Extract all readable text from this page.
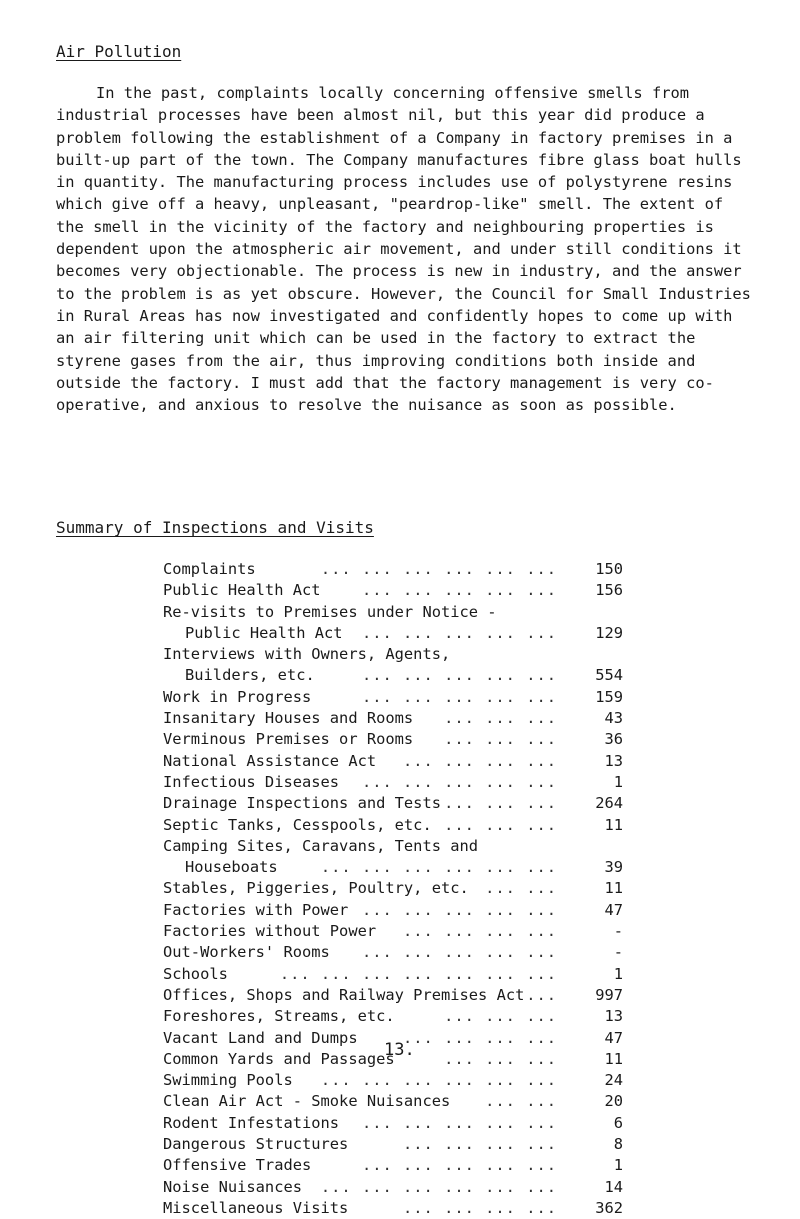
Air Pollution

In the past, complaints locally concerning offensive smells from industrial processes have been almost nil, but this year did produce a problem following the establishment of a Company in factory premises in a built-up part of the town. The Company manufactures fibre glass boat hulls in quantity. The manufacturing process includes use of polystyrene resins which give off a heavy, unpleasant, "peardrop-like" smell. The extent of the smell in the vicinity of the factory and neighbouring properties is dependent upon the atmospheric air movement, and under still conditions it becomes very objectionable. The process is new in industry, and the answer to the problem is as yet obscure. However, the Council for Small Industries in Rural Areas has now investigated and confidently hopes to come up with an air filtering unit which can be used in the factory to extract the styrene gases from the air, thus improving conditions both inside and outside the factory. I must add that the factory management is very co-operative, and anxious to resolve the nuisance as soon as possible.

Summary of Inspections and Visits
Complaints	... ... ... ... ... ...	150
Public Health Act	... ... ... ... ...	156
Re-visits to Premises under Notice -
Public Health Act ... ... ... ... ...	129
Interviews with Owners, Agents,
Builders, etc.	... ... ... ... ...	554
Work in Progress	... ... ... ... ...	159
Insanitary Houses and Rooms ... ... ...	43
Verminous Premises or Rooms ... ... ...	36
National Assistance Act ... ... ... ...	13
Infectious Diseases ... ... ... ... ...	1
Drainage Inspections and Tests ... ... ...	264
Septic Tanks, Cesspools, etc. ... ... ...	11
Camping Sites, Caravans, Tents and
Houseboats	... ... ... ... ... ...	39
Stables, Piggeries, Poultry, etc. ... ...	11
Factories with Power ... ... ... ... ...	47
Factories without Power ... ... ... ...	-
Out-Workers' Rooms ... ... ... ... ...	-
Schools	... ... ... ... ... ... ...	1
Offices, Shops and Railway Premises Act ...	997
Foreshores, Streams, etc.	... ... ...	13
Vacant Land and Dumps	... ... ... ...	47
Common Yards and Passages	... ... ...	11
Swimming Pools ... ... ... ... ... ...	24
Clean Air Act - Smoke Nuisances ... ...	20
Rodent Infestations ... ... ... ... ...	6
Dangerous Structures	... ... ... ...	8
Offensive Trades	... ... ... ... ...	1
Noise Nuisances ... ... ... ... ... ...	14
Miscellaneous Visits	... ... ... ...	362
13.
